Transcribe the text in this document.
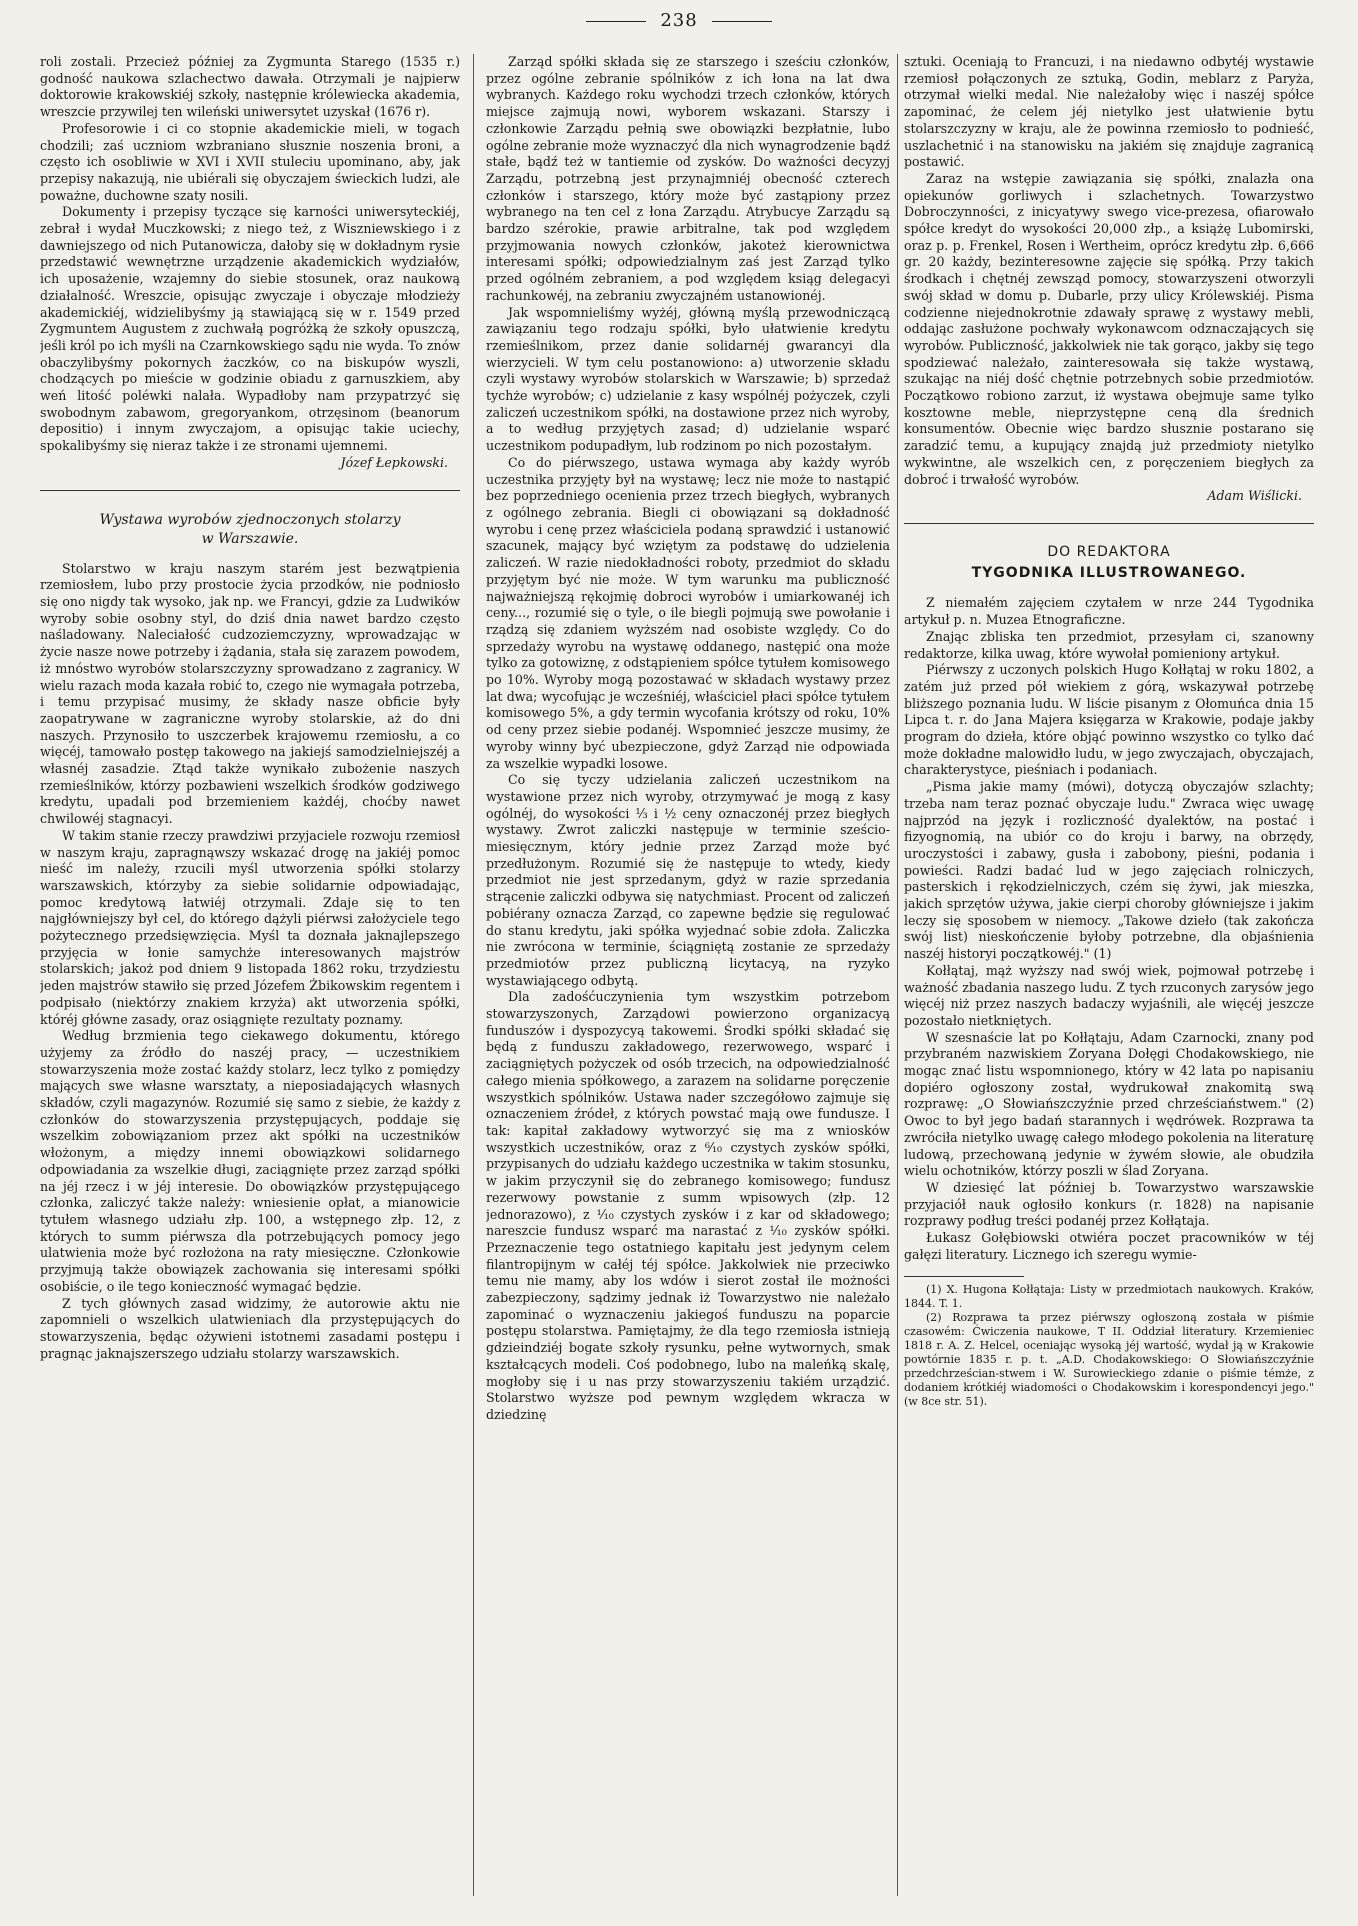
238

roli zostali. Przecież później za Zygmunta Starego (1535 r.) godność naukowa szlachectwo dawała. Otrzymali je najpierw doktorowie krakowskiéj szkoły, następnie królewiecka akademia, wreszcie przywilej ten wileński uniwersytet uzyskał (1676 r).

Profesorowie i ci co stopnie akademickie mieli, w togach chodzili; zaś uczniom wzbraniano słusznie noszenia broni, a często ich osobliwie w XVI i XVII stuleciu upominano, aby, jak przepisy nakazują, nie ubiérali się obyczajem świeckich ludzi, ale poważne, duchowne szaty nosili.

Dokumenty i przepisy tyczące się karności uniwersyteckiéj, zebrał i wydał Muczkowski; z niego też, z Wiszniewskiego i z dawniejszego od nich Putanowicza, dałoby się w dokładnym rysie przedstawić wewnętrzne urządzenie akademickich wydziałów, ich uposażenie, wzajemny do siebie stosunek, oraz naukową działalność. Wreszcie, opisując zwyczaje i obyczaje młodzieży akademickiéj, widzielibyśmy ją stawiającą się w r. 1549 przed Zygmuntem Augustem z zuchwałą pogróżką że szkoły opuszczą, jeśli król po ich myśli na Czarnkowskiego sądu nie wyda. To znów obaczylibyśmy pokornych żaczków, co na biskupów wyszli, chodzących po mieście w godzinie obiadu z garnuszkiem, aby weń litość poléwki nalała. Wypadłoby nam przypatrzyć się swobodnym zabawom, gregoryankom, otrzęsinom (beanorum depositio) i innym zwyczajom, a opisując takie uciechy, spokalibyśmy się nieraz także i ze stronami ujemnemi.

Józef Łepkowski.
Wystawa wyrobów zjednoczonych stolarzy
w Warszawie.

Stolarstwo w kraju naszym starém jest bezwątpienia rzemiosłem, lubo przy prostocie życia przodków, nie podniosło się ono nigdy tak wysoko, jak np. we Francyi, gdzie za Ludwików wyroby sobie osobny styl, do dziś dnia nawet bardzo często naśladowany. Naleciałość cudzoziemczyzny, wprowadzając w życie nasze nowe potrzeby i żądania, stała się zarazem powodem, iż mnóstwo wyrobów stolarszczyzny sprowadzano z zagranicy. W wielu razach moda kazała robić to, czego nie wymagała potrzeba, i temu przypisać musimy, że składy nasze obficie były zaopatrywane w zagraniczne wyroby stolarskie, aż do dni naszych. Przynosiło to uszczerbek krajowemu rzemiosłu, a co więcéj, tamowało postęp takowego na jakiejś samodzielniejszéj a własnéj zasadzie. Ztąd także wynikało zubożenie naszych rzemieślników, którzy pozbawieni wszelkich środków godziwego kredytu, upadali pod brzemieniem każdéj, choćby nawet chwilowéj stagnacyi.

W takim stanie rzeczy prawdziwi przyjaciele rozwoju rzemiosł w naszym kraju, zapragnąwszy wskazać drogę na jakiéj pomoc nieść im należy, rzucili myśl utworzenia spółki stolarzy warszawskich, którzyby za siebie solidarnie odpowiadając, pomoc kredytową łatwiéj otrzymali. Zdaje się to ten najgłówniejszy był cel, do którego dążyli piérwsi założyciele tego pożytecznego przedsięwzięcia. Myśl ta doznała jaknajlepszego przyjęcia w łonie samychże interesowanych majstrów stolarskich; jakoż pod dniem 9 listopada 1862 roku, trzydziestu jeden majstrów stawiło się przed Józefem Żbikowskim regentem i podpisało (niektórzy znakiem krzyża) akt utworzenia spółki, któréj główne zasady, oraz osiągnięte rezultaty poznamy.

Według brzmienia tego ciekawego dokumentu, którego użyjemy za źródło do naszéj pracy, — uczestnikiem stowarzyszenia może zostać każdy stolarz, lecz tylko z pomiędzy mających swe własne warsztaty, a nieposiadających własnych składów, czyli magazynów. Rozumié się samo z siebie, że każdy z członków do stowarzyszenia przystępujących, poddaje się wszelkim zobowiązaniom przez akt spółki na uczestników włożonym, a między innemi obowiązkowi solidarnego odpowiadania za wszelkie długi, zaciągnięte przez zarząd spółki na jéj rzecz i w jéj interesie. Do obowiązków przystępującego członka, zaliczyć także należy: wniesienie opłat, a mianowicie tytułem własnego udziału złp. 100, a wstępnego złp. 12, z których to summ piérwsza dla potrzebujących pomocy jego ulatwienia może być rozłożona na raty miesięczne. Członkowie przyjmują także obowiązek zachowania się interesami spółki osobiście, o ile tego konieczność wymagać będzie.

Z tych głównych zasad widzimy, że autorowie aktu nie zapomnieli o wszelkich ulatwieniach dla przystępujących do stowarzyszenia, będąc ożywieni istotnemi zasadami postępu i pragnąc jaknajszerszego udziału stolarzy warszawskich.

Zarząd spółki składa się ze starszego i sześciu członków, przez ogólne zebranie spólników z ich łona na lat dwa wybranych. Każdego roku wychodzi trzech członków, których miejsce zajmują nowi, wyborem wskazani. Starszy i członkowie Zarządu pełnią swe obowiązki bezpłatnie, lubo ogólne zebranie może wyznaczyć dla nich wynagrodzenie bądź stałe, bądź też w tantiemie od zysków. Do ważności decyzyj Zarządu, potrzebną jest przynajmniéj obecność czterech członków i starszego, który może być zastąpiony przez wybranego na ten cel z łona Zarządu. Atrybucye Zarządu są bardzo szérokie, prawie arbitralne, tak pod względem przyjmowania nowych członków, jakoteż kierownictwa interesami spółki; odpowiedzialnym zaś jest Zarząd tylko przed ogólném zebraniem, a pod względem ksiąg delegacyi rachunkowéj, na zebraniu zwyczajném ustanowionéj.

Jak wspomnieliśmy wyżéj, główną myślą przewodniczącą zawiązaniu tego rodzaju spółki, było ułatwienie kredytu rzemieślnikom, przez danie solidarnéj gwarancyi dla wierzycieli. W tym celu postanowiono: a) utworzenie składu czyli wystawy wyrobów stolarskich w Warszawie; b) sprzedaż tychże wyrobów; c) udzielanie z kasy wspólnéj pożyczek, czyli zaliczeń uczestnikom spółki, na dostawione przez nich wyroby, a to według przyjętych zasad; d) udzielanie wsparć uczestnikom podupadłym, lub rodzinom po nich pozostałym.

Co do piérwszego, ustawa wymaga aby każdy wyrób uczestnika przyjęty był na wystawę; lecz nie może to nastąpić bez poprzedniego ocenienia przez trzech biegłych, wybranych z ogólnego zebrania. Biegli ci obowiązani są dokładność wyrobu i cenę przez właściciela podaną sprawdzić i ustanowić szacunek, mający być wziętym za podstawę do udzielenia zaliczeń. W razie niedokładności roboty, przedmiot do składu przyjętym być nie może. W tym warunku ma publiczność najważniejszą rękojmię dobroci wyrobów i umiarkowanéj ich ceny..., rozumié się o tyle, o ile biegli pojmują swe powołanie i rządzą się zdaniem wyższém nad osobiste względy. Co do sprzedaży wyrobu na wystawę oddanego, następić ona może tylko za gotowiznę, z odstąpieniem spółce tytułem komisowego po 10%. Wyroby mogą pozostawać w składach wystawy przez lat dwa; wycofując je wcześniéj, właściciel płaci spółce tytułem komisowego 5%, a gdy termin wycofania krótszy od roku, 10% od ceny przez siebie podanéj. Wspomnieć jeszcze musimy, że wyroby winny być ubezpieczone, gdyż Zarząd nie odpowiada za wszelkie wypadki losowe.

Co się tyczy udzielania zaliczeń uczestnikom na wystawione przez nich wyroby, otrzymywać je mogą z kasy ogólnéj, do wysokości ⅓ i ½ ceny oznaczonéj przez biegłych wystawy. Zwrot zaliczki następuje w terminie sześcio-miesięcznym, który jednie przez Zarząd może być przedłużonym. Rozumié się że następuje to wtedy, kiedy przedmiot nie jest sprzedanym, gdyż w razie sprzedania strącenie zaliczki odbywa się natychmiast. Procent od zaliczeń pobiérany oznacza Zarząd, co zapewne będzie się regulować do stanu kredytu, jaki spółka wyjednać sobie zdoła. Zaliczka nie zwrócona w terminie, ściągniętą zostanie ze sprzedaży przedmiotów przez publiczną licytacyą, na ryzyko wystawiającego odbytą.

Dla zadośćuczynienia tym wszystkim potrzebom stowarzyszonych, Zarządowi powierzono organizacyą funduszów i dyspozycyą takowemi. Środki spółki składać się będą z funduszu zakładowego, rezerwowego, wsparć i zaciągniętych pożyczek od osób trzecich, na odpowiedzialność całego mienia spółkowego, a zarazem na solidarne poręczenie wszystkich spólników. Ustawa nader szczegółowo zajmuje się oznaczeniem źródeł, z których powstać mają owe fundusze. I tak: kapitał zakładowy wytworzyć się ma z wniosków wszystkich uczestników, oraz z ⁶⁄₁₀ czystych zysków spółki, przypisanych do udziału każdego uczestnika w takim stosunku, w jakim przyczynił się do zebranego komisowego; fundusz rezerwowy powstanie z summ wpisowych (złp. 12 jednorazowo), z ¹⁄₁₀ czystych zysków i z kar od składowego; nareszcie fundusz wsparć ma narastać z ¹⁄₁₀ zysków spółki. Przeznaczenie tego ostatniego kapitału jest jedynym celem filantropijnym w całéj téj spółce. Jakkolwiek nie przeciwko temu nie mamy, aby los wdów i sierot został ile możności zabezpieczony, sądzimy jednak iż Towarzystwo nie należało zapominać o wyznaczeniu jakiegoś funduszu na poparcie postępu stolarstwa. Pamiętajmy, że dla tego rzemiosła istnieją gdzieindziéj bogate szkoły rysunku, pełne wytwornych, smak kształcących modeli. Coś podobnego, lubo na maleńką skalę, mogłoby się i u nas przy stowarzyszeniu takiém urządzić. Stolarstwo wyższe pod pewnym względem wkracza w dziedzinę

sztuki. Oceniają to Francuzi, i na niedawno odbytéj wystawie rzemiosł połączonych ze sztuką, Godin, meblarz z Paryża, otrzymał wielki medal. Nie należałoby więc i naszéj spółce zapominać, że celem jéj nietylko jest ułatwienie bytu stolarszczyzny w kraju, ale że powinna rzemiosło to podnieść, uszlachetnić i na stanowisku na jakiém się znajduje zagranicą postawić.

Zaraz na wstępie zawiązania się spółki, znalazła ona opiekunów gorliwych i szlachetnych. Towarzystwo Dobroczynności, z inicyatywy swego vice-prezesa, ofiarowało spółce kredyt do wysokości 20,000 złp., a książę Lubomirski, oraz p. p. Frenkel, Rosen i Wertheim, oprócz kredytu złp. 6,666 gr. 20 każdy, bezinteresowne zajęcie się spółką. Przy takich środkach i chętnéj zewsząd pomocy, stowarzyszeni otworzyli swój skład w domu p. Dubarle, przy ulicy Królewskiéj. Pisma codzienne niejednokrotnie zdawały sprawę z wystawy mebli, oddając zasłużone pochwały wykonawcom odznaczających się wyrobów. Publiczność, jakkolwiek nie tak gorąco, jakby się tego spodziewać należało, zainteresowała się także wystawą, szukając na niéj dość chętnie potrzebnych sobie przedmiotów. Początkowo robiono zarzut, iż wystawa obejmuje same tylko kosztowne meble, nieprzystępne ceną dla średnich konsumentów. Obecnie więc bardzo słusznie postarano się zaradzić temu, a kupujący znajdą już przedmioty nietylko wykwintne, ale wszelkich cen, z poręczeniem biegłych za dobroć i trwałość wyrobów.

Adam Wiślicki.
DO REDAKTORA
TYGODNIKA ILLUSTROWANEGO.

Z niemałém zajęciem czytałem w nrze 244 Tygodnika artykuł p. n. Muzea Etnograficzne.

Znając zbliska ten przedmiot, przesyłam ci, szanowny redaktorze, kilka uwag, które wywołał pomieniony artykuł.

Piérwszy z uczonych polskich Hugo Kołłątaj w roku 1802, a zatém już przed pół wiekiem z górą, wskazywał potrzebę bliższego poznania ludu. W liście pisanym z Ołomuńca dnia 15 Lipca t. r. do Jana Majera księgarza w Krakowie, podaje jakby program do dzieła, które objąć powinno wszystko co tylko dać może dokładne malowidło ludu, w jego zwyczajach, obyczajach, charakterystyce, pieśniach i podaniach.

„Pisma jakie mamy (mówi), dotyczą obyczajów szlachty; trzeba nam teraz poznać obyczaje ludu." Zwraca więc uwagę najprzód na język i rozliczność dyalektów, na postać i fizyognomią, na ubiór co do kroju i barwy, na obrzędy, uroczystości i zabawy, gusła i zabobony, pieśni, podania i powieści. Radzi badać lud w jego zajęciach rolniczych, pasterskich i rękodzielniczych, czém się żywi, jak mieszka, jakich sprzętów używa, jakie cierpi choroby główniejsze i jakim leczy się sposobem w niemocy. „Takowe dzieło (tak zakończa swój list) nieskończenie byłoby potrzebne, dla objaśnienia naszéj historyi początkowéj." (1)

Kołłątaj, mąż wyższy nad swój wiek, pojmował potrzebę i ważność zbadania naszego ludu. Z tych rzuconych zarysów jego więcéj niż przez naszych badaczy wyjaśnili, ale więcéj jeszcze pozostało nietkniętych.

W szesnaście lat po Kołłątaju, Adam Czarnocki, znany pod przybraném nazwiskiem Zoryana Dołęgi Chodakowskiego, nie mogąc znać listu wspomnionego, który w 42 lata po napisaniu dopiéro ogłoszony został, wydrukował znakomitą swą rozprawę: „O Słowiańszczyźnie przed chrześciaństwem." (2) Owoc to był jego badań starannych i wędrówek. Rozprawa ta zwróciła nietylko uwagę całego młodego pokolenia na literaturę ludową, przechowaną jedynie w żywém słowie, ale obudziła wielu ochotników, którzy poszli w ślad Zoryana.

W dziesięć lat później b. Towarzystwo warszawskie przyjaciół nauk ogłosiło konkurs (r. 1828) na napisanie rozprawy podług treści podanéj przez Kołłątaja.

Łukasz Gołębiowski otwiéra poczet pracowników w téj gałęzi literatury. Licznego ich szeregu wymie-

(1) X. Hugona Kołłątaja: Listy w przedmiotach naukowych. Kraków, 1844. T. 1.

(2) Rozprawa ta przez piérwszy ogłoszoną została w piśmie czasowém: Ćwiczenia naukowe, T II. Oddział literatury. Krzemieniec 1818 r. A. Z. Helcel, oceniając wysoką jéj wartość, wydał ją w Krakowie powtórnie 1835 r. p. t. „A.D. Chodakowskiego: O Słowiańszczyźnie przedchrześcian-stwem i W. Surowieckiego zdanie o piśmie témże, z dodaniem krótkiéj wiadomości o Chodakowskim i korespondencyi jego." (w 8ce str. 51).
